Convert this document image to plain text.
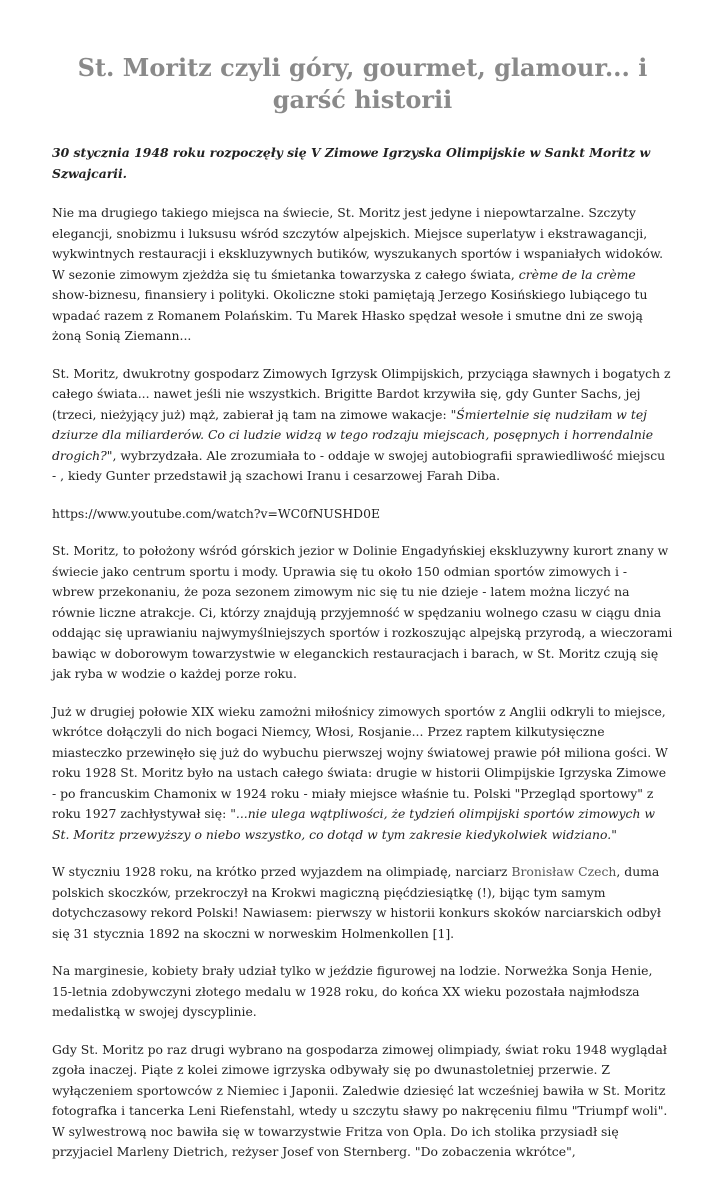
St. Moritz czyli góry, gourmet, glamour... i garść historii

30 stycznia 1948 roku rozpoczęły się V Zimowe Igrzyska Olimpijskie w Sankt Moritz w Szwajcarii.

Nie ma drugiego takiego miejsca na świecie, St. Moritz jest jedyne i niepowtarzalne. Szczyty elegancji, snobizmu i luksusu wśród szczytów alpejskich. Miejsce superlatyw i ekstrawagancji, wykwintnych restauracji i ekskluzywnych butików, wyszukanych sportów i wspaniałych widoków. W sezonie zimowym zjeżdża się tu śmietanka towarzyska z całego świata, crème de la crème show-biznesu, finansiery i polityki. Okoliczne stoki pamiętają Jerzego Kosińskiego lubiącego tu wpadać razem z Romanem Polańskim. Tu Marek Hłasko spędzał wesołe i smutne dni ze swoją żoną Sonią Ziemann...

St. Moritz, dwukrotny gospodarz Zimowych Igrzysk Olimpijskich, przyciąga sławnych i bogatych z całego świata... nawet jeśli nie wszystkich. Brigitte Bardot krzywiła się, gdy Gunter Sachs, jej (trzeci, nieżyjący już) mąż, zabierał ją tam na zimowe wakacje: "Śmiertelnie się nudziłam w tej dziurze dla miliarderów. Co ci ludzie widzą w tego rodzaju miejscach, posępnych i horrendalnie drogich?", wybrzydzała. Ale zrozumiała to - oddaje w swojej autobiografii sprawiedliwość miejscu - , kiedy Gunter przedstawił ją szachowi Iranu i cesarzowej Farah Diba.

https://www.youtube.com/watch?v=WC0fNUSHD0E

St. Moritz, to położony wśród górskich jezior w Dolinie Engadyńskiej ekskluzywny kurort znany w świecie jako centrum sportu i mody. Uprawia się tu około 150 odmian sportów zimowych i - wbrew przekonaniu, że poza sezonem zimowym nic się tu nie dzieje - latem można liczyć na równie liczne atrakcje. Ci, którzy znajdują przyjemność w spędzaniu wolnego czasu w ciągu dnia oddając się uprawianiu najwymyślniejszych sportów i rozkoszując alpejską przyrodą, a wieczorami bawiąc w doborowym towarzystwie w eleganckich restauracjach i barach, w St. Moritz czują się jak ryba w wodzie o każdej porze roku.

Już w drugiej połowie XIX wieku zamożni miłośnicy zimowych sportów z Anglii odkryli to miejsce, wkrótce dołączyli do nich bogaci Niemcy, Włosi, Rosjanie... Przez raptem kilkutysięczne miasteczko przewinęło się już do wybuchu pierwszej wojny światowej prawie pół miliona gości. W roku 1928 St. Moritz było na ustach całego świata: drugie w historii Olimpijskie Igrzyska Zimowe - po francuskim Chamonix w 1924 roku - miały miejsce właśnie tu. Polski "Przegląd sportowy" z roku 1927 zachłystywał się: "...nie ulega wątpliwości, że tydzień olimpijski sportów zimowych w St. Moritz przewyższy o niebo wszystko, co dotąd w tym zakresie kiedykolwiek widziano."

W styczniu 1928 roku, na krótko przed wyjazdem na olimpiadę, narciarz Bronisław Czech, duma polskich skoczków, przekroczył na Krokwi magiczną pięćdziesiątkę (!), bijąc tym samym dotychczasowy rekord Polski! Nawiasem: pierwszy w historii konkurs skoków narciarskich odbył się 31 stycznia 1892 na skoczni w norweskim Holmenkollen [1].

Na marginesie, kobiety brały udział tylko w jeździe figurowej na lodzie. Norweżka Sonja Henie, 15-letnia zdobywczyni złotego medalu w 1928 roku, do końca XX wieku pozostała najmłodsza medalistką w swojej dyscyplinie.

Gdy St. Moritz po raz drugi wybrano na gospodarza zimowej olimpiady, świat roku 1948 wyglądał zgoła inaczej. Piąte z kolei zimowe igrzyska odbywały się po dwunastoletniej przerwie. Z wyłączeniem sportowców z Niemiec i Japonii. Zaledwie dziesięć lat wcześniej bawiła w St. Moritz fotografka i tancerka Leni Riefenstahl, wtedy u szczytu sławy po nakręceniu filmu "Triumpf woli". W sylwestrową noc bawiła się w towarzystwie Fritza von Opla. Do ich stolika przysiadł się przyjaciel Marleny Dietrich, reżyser Josef von Sternberg. "Do zobaczenia wkrótce",
